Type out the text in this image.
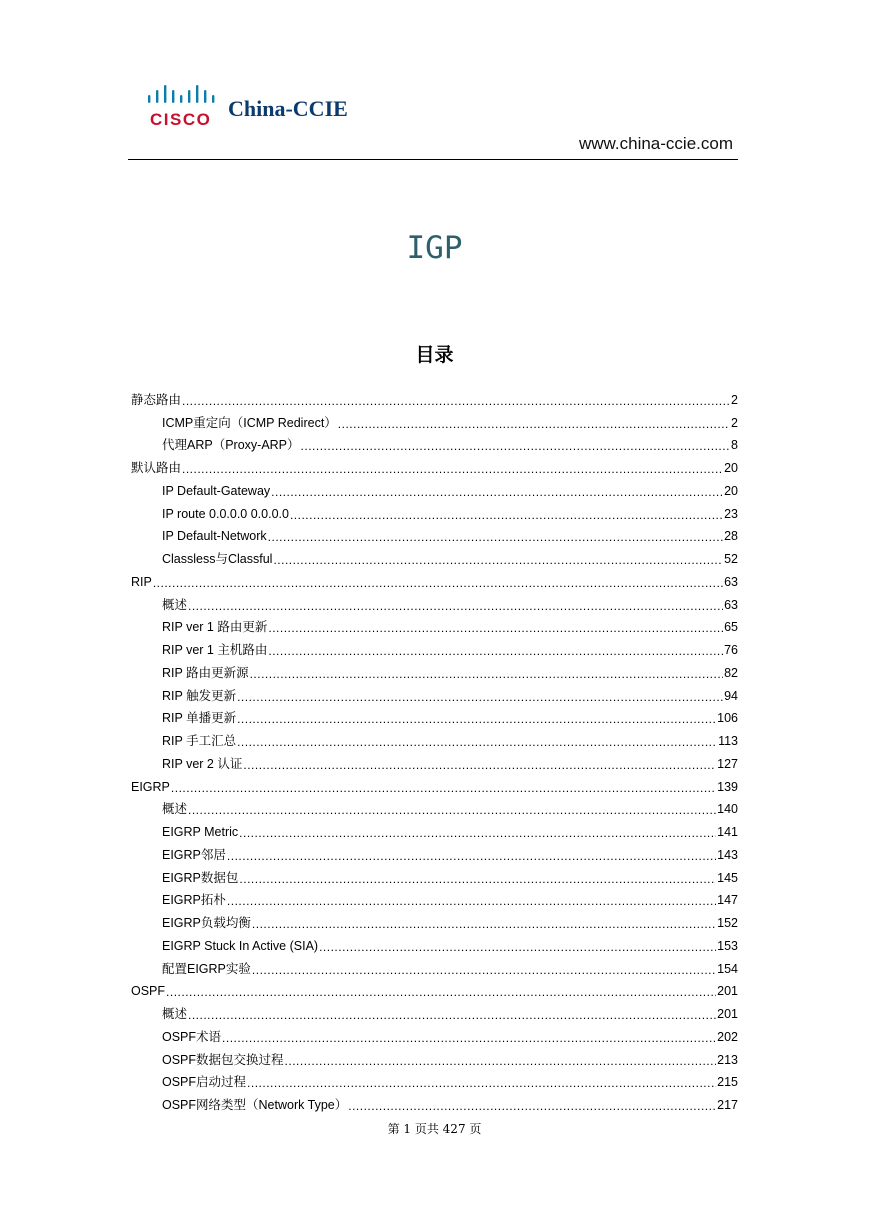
CISCO China-CCIE
www.china-ccie.com
IGP
目录
静态路由 .....	2
ICMP重定向（ICMP Redirect） .....	2
代理ARP（Proxy-ARP） .....	8
默认路由 .....	20
IP Default-Gateway .....	20
IP route 0.0.0.0 0.0.0.0 .....	23
IP Default-Network .....	28
Classless与Classful .....	52
RIP .....	63
概述 .....	63
RIP ver 1 路由更新 .....	65
RIP ver 1 主机路由 .....	76
RIP 路由更新源 .....	82
RIP 触发更新 .....	94
RIP 单播更新 .....	106
RIP 手工汇总 .....	113
RIP ver 2 认证 .....	127
EIGRP .....	139
概述 .....	140
EIGRP Metric .....	141
EIGRP邻居 .....	143
EIGRP数据包 .....	145
EIGRP拓朴 .....	147
EIGRP负载均衡 .....	152
EIGRP Stuck In Active (SIA) .....	153
配置EIGRP实验 .....	154
OSPF .....	201
概述 .....	201
OSPF术语 .....	202
OSPF数据包交换过程 .....	213
OSPF启动过程 .....	215
OSPF网络类型（Network Type） .....	217
第 1 页共 427 页
